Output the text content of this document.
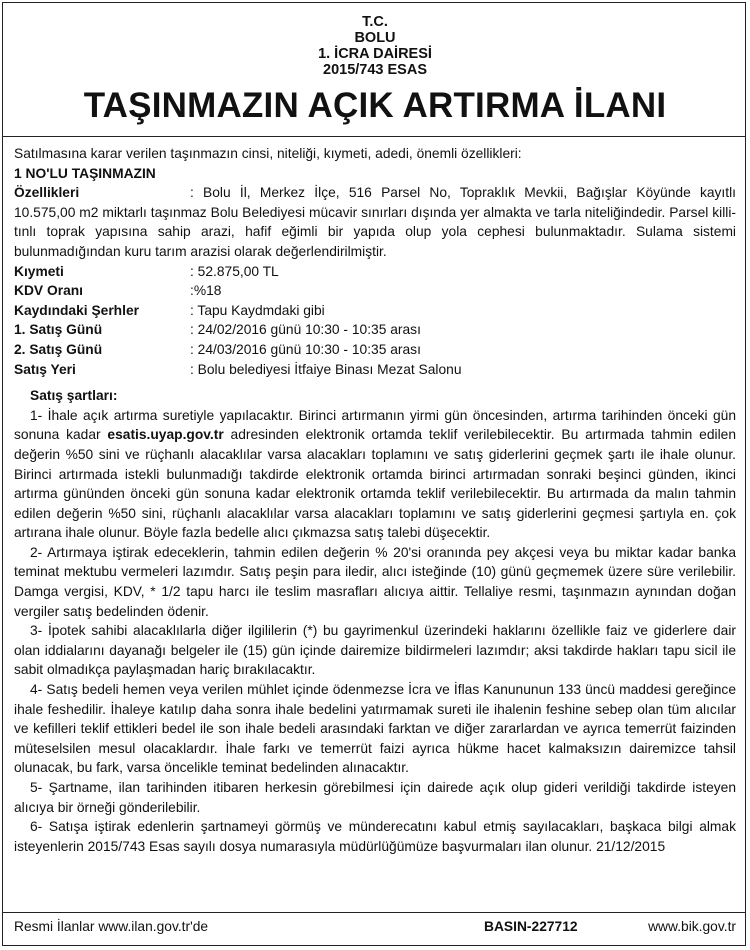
T.C.
BOLU
1. İCRA DAİRESİ
2015/743 ESAS
TAŞINMAZIN AÇIK ARTIRMA İLANI

Satılmasına karar verilen taşınmazın cinsi, niteliği, kıymeti, adedi, önemli özellikleri:

1 NO'LU TAŞINMAZIN

Özellikleri	: Bolu İl, Merkez İlçe, 516 Parsel No, Topraklık Mevkii, Bağışlar Köyünde kayıtlı 10.575,00 m2 miktarlı taşınmaz Bolu Belediyesi mücavir sınırları dışında yer almakta ve tarla niteliğindedir. Parsel killi-tınlı toprak yapısına sahip arazi, hafif eğimli bir yapıda olup yola cephesi bulunmaktadır. Sulama sistemi bulunmadığından kuru tarım arazisi olarak değerlendirilmiştir.

Kıymeti	: 52.875,00 TL
KDV Oranı	:%18
Kaydındaki Şerhler	: Tapu Kaydmdaki gibi
1. Satış Günü	: 24/02/2016 günü 10:30 - 10:35 arası
2. Satış Günü	: 24/03/2016 günü 10:30 - 10:35 arası
Satış Yeri	: Bolu belediyesi İtfaiye Binası Mezat Salonu

Satış şartları:

1- İhale açık artırma suretiyle yapılacaktır. Birinci artırmanın yirmi gün öncesinden, artırma tarihinden önceki gün sonuna kadar esatis.uyap.gov.tr adresinden elektronik ortamda teklif verilebilecektir. Bu artırmada tahmin edilen değerin %50 sini ve rüçhanlı alacaklılar varsa alacakları toplamını ve satış giderlerini geçmek şartı ile ihale olunur. Birinci artırmada istekli bulunmadığı takdirde elektronik ortamda birinci artırmadan sonraki beşinci günden, ikinci artırma gününden önceki gün sonuna kadar elektronik ortamda teklif verilebilecektir. Bu artırmada da malın tahmin edilen değerin %50 sini, rüçhanlı alacaklılar varsa alacakları toplamını ve satış giderlerini geçmesi şartıyla en. çok artırana ihale olunur. Böyle fazla bedelle alıcı çıkmazsa satış talebi düşecektir.

2- Artırmaya iştirak edeceklerin, tahmin edilen değerin % 20'si oranında pey akçesi veya bu miktar kadar banka teminat mektubu vermeleri lazımdır. Satış peşin para iledir, alıcı isteğinde (10) günü geçmemek üzere süre verilebilir. Damga vergisi, KDV, * 1/2 tapu harcı ile teslim masrafları alıcıya aittir. Tellaliye resmi, taşınmazın aynından doğan vergiler satış bedelinden ödenir.

3- İpotek sahibi alacaklılarla diğer ilgililerin (*) bu gayrimenkul üzerindeki haklarını özellikle faiz ve giderlere dair olan iddialarını dayanağı belgeler ile (15) gün içinde dairemize bildirmeleri lazımdır; aksi takdirde hakları tapu sicil ile sabit olmadıkça paylaşmadan hariç bırakılacaktır.

4- Satış bedeli hemen veya verilen mühlet içinde ödenmezse İcra ve İflas Kanununun 133 üncü maddesi gereğince ihale feshedilir. İhaleye katılıp daha sonra ihale bedelini yatırmamak sureti ile ihalenin feshine sebep olan tüm alıcılar ve kefilleri teklif ettikleri bedel ile son ihale bedeli arasındaki farktan ve diğer zararlardan ve ayrıca temerrüt faizinden müteselsilen mesul olacaklardır. İhale farkı ve temerrüt faizi ayrıca hükme hacet kalmaksızın dairemizce tahsil olunacak, bu fark, varsa öncelikle teminat bedelinden alınacaktır.

5- Şartname, ilan tarihinden itibaren herkesin görebilmesi için dairede açık olup gideri verildiği takdirde isteyen alıcıya bir örneği gönderilebilir.

6- Satışa iştirak edenlerin şartnameyi görmüş ve münderecatını kabul etmiş sayılacakları, başkaca bilgi almak isteyenlerin 2015/743 Esas sayılı dosya numarasıyla müdürlüğümüze başvurmaları ilan olunur. 21/12/2015

Resmi İlanlar www.ilan.gov.tr'de	BASIN-227712	www.bik.gov.tr
